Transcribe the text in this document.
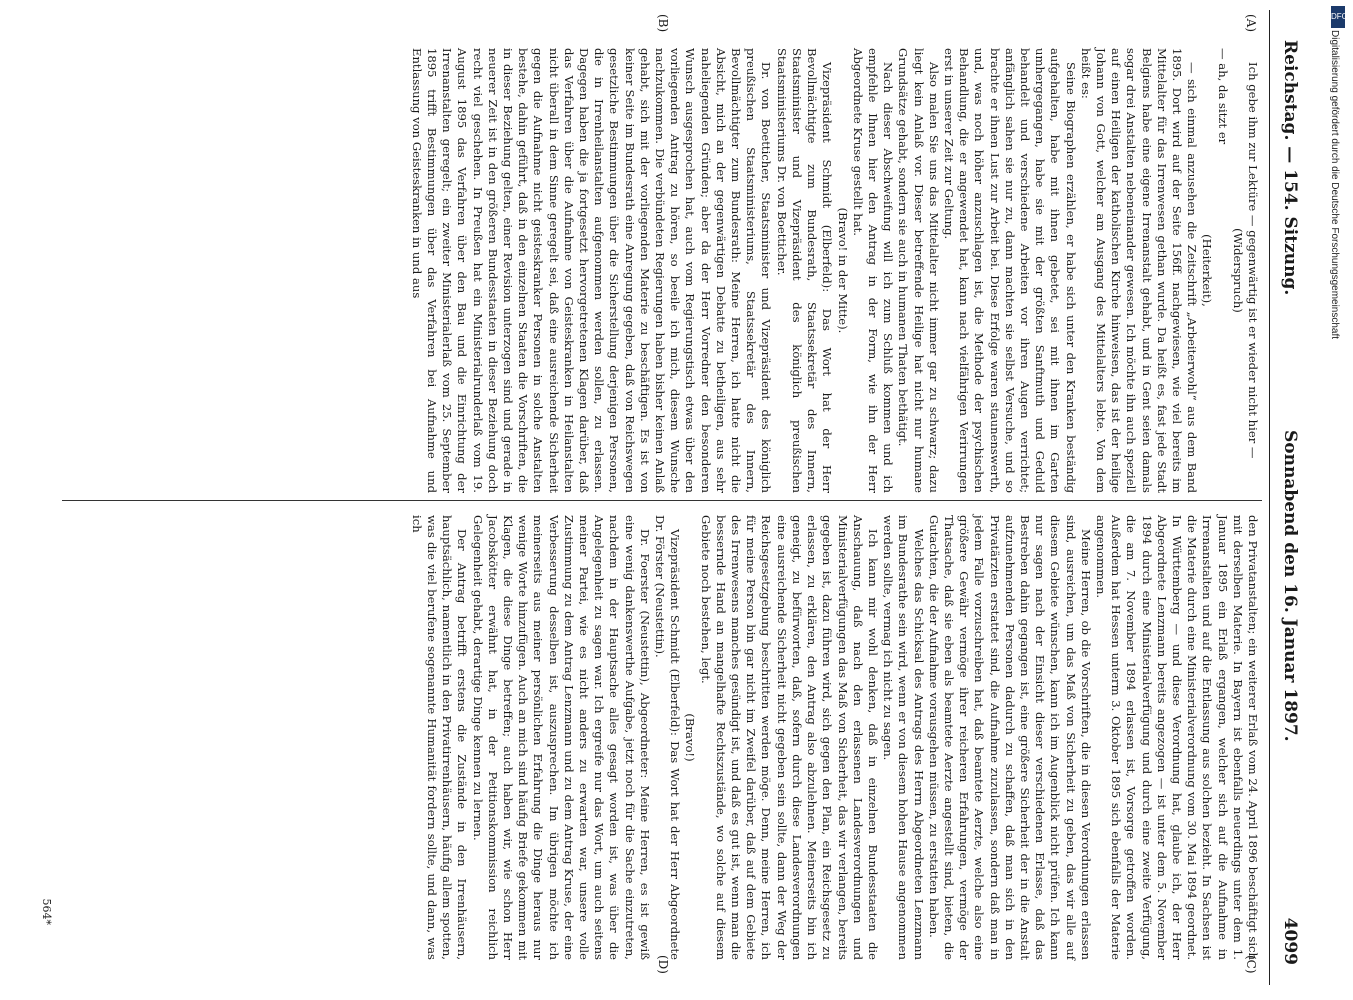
Reichstag. — 154. Sitzung.
Sonnabend den 16. Januar 1897.
4099
(A)
(B)
(C)
(D)

Ich gebe ihm zur Lektüre — gegenwärtig ist er wieder nicht hier —

(Widerspruch)

— ah, da sitzt er

(Heiterkeit),

— sich einmal anzusehen die Zeitschrift „Arbeiterwohl“ aus dem Band 1895. Dort wird auf der Seite 156ff. nachgewiesen, wie viel bereits im Mittelalter für das Irrenwesen gethan wurde. Da heißt es, fast jede Stadt Belgiens habe eine eigene Irrenanstalt gehabt, und in Gent seien damals sogar drei Anstalten nebeneinander gewesen. Ich möchte ihn auch speziell auf einen Heiligen der katholischen Kirche hinweisen, das ist der heilige Johann von Gott, welcher am Ausgang des Mittelalters lebte. Von dem heißt es:

Seine Biographen erzählen, er habe sich unter den Kranken beständig aufgehalten, habe mit ihnen gebetet, sei mit ihnen im Garten umhergegangen, habe sie mit der größten Sanftmuth und Geduld behandelt und verschiedene Arbeiten vor ihren Augen verrichtet; anfänglich sahen sie nur zu, dann machten sie selbst Versuche, und so brachte er ihnen Lust zur Arbeit bei. Diese Erfolge waren staunenswerth, und, was noch höher anzuschlagen ist, die Methode der psychischen Behandlung, die er angewendet hat, kann nach vielfährigen Verirrungen erst in unserer Zeit zur Geltung.

Also malen Sie uns das Mittelalter nicht immer gar zu schwarz; dazu liegt kein Anlaß vor. Dieser betreffende Heilige hat nicht nur humane Grundsätze gehabt, sondern sie auch in humanen Thaten bethätigt.

Nach dieser Abschweifung will ich zum Schluß kommen und ich empfehle Ihnen hier den Antrag in der Form, wie ihn der Herr Abgeordnete Kruse gestellt hat.

(Bravo! in der Mitte).

Vizepräsident Schmidt (Elberfeld): Das Wort hat der Herr Bevollmächtigte zum Bundesrath, Staatssekretär des Innern, Staatsminister und Vizepräsident des königlich preußischen Staatsministeriums Dr. von Boetticher.

Dr. von Boetticher, Staatsminister und Vizepräsident des königlich preußischen Staatsministeriums, Staatssekretär des Innern, Bevollmächtigter zum Bundesrath: Meine Herren, ich hatte nicht die Absicht, mich an der gegenwärtigen Debatte zu betheiligen, aus sehr naheliegenden Gründen; aber da der Herr Vorredner den besonderen Wunsch ausgesprochen hat, auch vom Regierungstisch etwas über den vorliegenden Antrag zu hören, so beeile ich mich, diesem Wunsche nachzukommen. Die verbündeten Regierungen haben bisher keinen Anlaß gehabt, sich mit der vorliegenden Materie zu beschäftigen. Es ist von keiner Seite im Bundesrath eine Anregung gegeben, daß von Reichswegen gesetzliche Bestimmungen über die Sicherstellung derjenigen Personen, die in Irrenheilanstalten aufgenommen werden sollen, zu erlassen. Dagegen haben die ja fortgesetzt hervorgetretenen Klagen darüber, daß das Verfahren über die Aufnahme von Geisteskranken in Heilanstalten nicht überall in dem Sinne geregelt sei, daß eine ausreichende Sicherheit gegen die Aufnahme nicht geisteskranker Personen in solche Anstalten bestehe, dahin geführt, daß in den einzelnen Staaten die Vorschriften, die in dieser Beziehung gelten, einer Revision unterzogen sind und gerade in neuerer Zeit ist in den größeren Bundesstaaten in dieser Beziehung doch recht viel geschehen. In Preußen hat ein Ministerialrunderlaß vom 19. August 1895 das Verfahren über den Bau und die Einrichtung der Irrenanstalten geregelt; ein zweiter Ministerialerlaß vom 25. September 1895 trifft Bestimmungen über das Verfahren bei Aufnahme und Entlassung von Geisteskranken in und aus

den Privatanstalten; ein weiterer Erlaß vom 24. April 1896 beschäftigt sich mit derselben Materie. In Bayern ist ebenfalls neuerdings unter dem 1. Januar 1895 ein Erlaß ergangen, welcher sich auf die Aufnahme in Irrenanstalten und auf die Entlassung aus solchen bezieht. In Sachsen ist die Materie durch eine Ministerialverordnung vom 30. Mai 1894 geordnet. In Württemberg — und diese Verordnung hat, glaube ich, der Herr Abgeordnete Lenzmann bereits angezogen — ist unter dem 5. November 1894 durch eine Ministerialverfügung und durch eine zweite Verfügung, die am 7. November 1894 erlassen ist, Vorsorge getroffen worden. Außerdem hat Hessen unterm 3. Oktober 1895 sich ebenfalls der Materie angenommen.

Meine Herren, ob die Vorschriften, die in diesen Verordnungen erlassen sind, ausreichen, um das Maß von Sicherheit zu geben, das wir alle auf diesem Gebiete wünschen, kann ich im Augenblick nicht prüfen. Ich kann nur sagen nach der Einsicht dieser verschiedenen Erlasse, daß das Bestreben dahin gegangen ist, eine größere Sicherheit der in die Anstalt aufzunehmenden Personen dadurch zu schaffen, daß man sich in den Privatärzten erstattet sind, die Aufnahme zuzulassen, sondern daß man in jedem Falle vorzuschreiben hat, daß beamtete Aerzte, welche also eine größere Gewähr vermöge ihrer reicheren Erfahrungen, vermöge der Thatsache, daß sie eben als beamtete Aerzte angestellt sind, bieten, die Gutachten, die der Aufnahme vorausgehen müssen, zu erstatten haben.

Welches das Schicksal des Antrags des Herrn Abgeordneten Lenzmann im Bundesrathe sein wird, wenn er von diesem hohen Hause angenommen werden sollte, vermag ich nicht zu sagen.

Ich kann mir wohl denken, daß in einzelnen Bundesstaaten die Anschauung, daß nach den erlassenen Landesverordnungen und Ministerialverfügungen das Maß von Sicherheit, das wir verlangen, bereits gegeben ist, dazu führen wird, sich gegen den Plan, ein Reichsgesetz zu erlassen, zu erklären, den Antrag also abzulehnen. Meinerseits bin ich geneigt, zu befürworten, daß, sofern durch diese Landesverordnungen eine ausreichende Sicherheit nicht gegeben sein sollte, dann der Weg der Reichsgesetzgebung beschritten werden möge. Denn, meine Herren, ich für meine Person bin gar nicht im Zweifel darüber, daß auf dem Gebiete des Irrenwesens manches gesündigt ist, und daß es gut ist, wenn man die bessernde Hand an mangelhafte Rechtszustände, wo solche auf diesem Gebiete noch bestehen, legt.

(Bravo!)

Vizepräsident Schmidt (Elberfeld): Das Wort hat der Herr Abgeordnete Dr. Förster (Neustettin).

Dr. Foerster (Neustettin), Abgeordneter: Meine Herren, es ist gewiß eine wenig dankenswerthe Aufgabe, jetzt noch für die Sache einzutreten, nachdem in der Hauptsache alles gesagt worden ist, was über die Angelegenheit zu sagen war. Ich ergreife nur das Wort, um auch seitens meiner Partei, wie es nicht anders zu erwarten war, unsere volle Zustimmung zu dem Antrag Lenzmann und zu dem Antrag Kruse, der eine Verbesserung desselben ist, auszusprechen. Im übrigen möchte ich meinerseits aus meiner persönlichen Erfahrung die Dinge heraus nur wenige Worte hinzufügen. Auch an mich sind häufig Briefe gekommen mit Klagen, die diese Dinge betreffen; auch haben wir, wie schon Herr Jacobskötter erwähnt hat, in der Petitionskommission reichlich Gelegenheit gehabt, derartige Dinge kennen zu lernen.

Der Antrag betrifft erstens die Zustände in den Irrenhäusern, hauptsächlich, namentlich in den Privatirrenhäusern, häufig allem spotten, was die viel berufene sogenannte Humanität fordern sollte, und dann, was ich

564*
DFG
Digitalisierung gefördert durch die Deutsche Forschungsgemeinschaft
